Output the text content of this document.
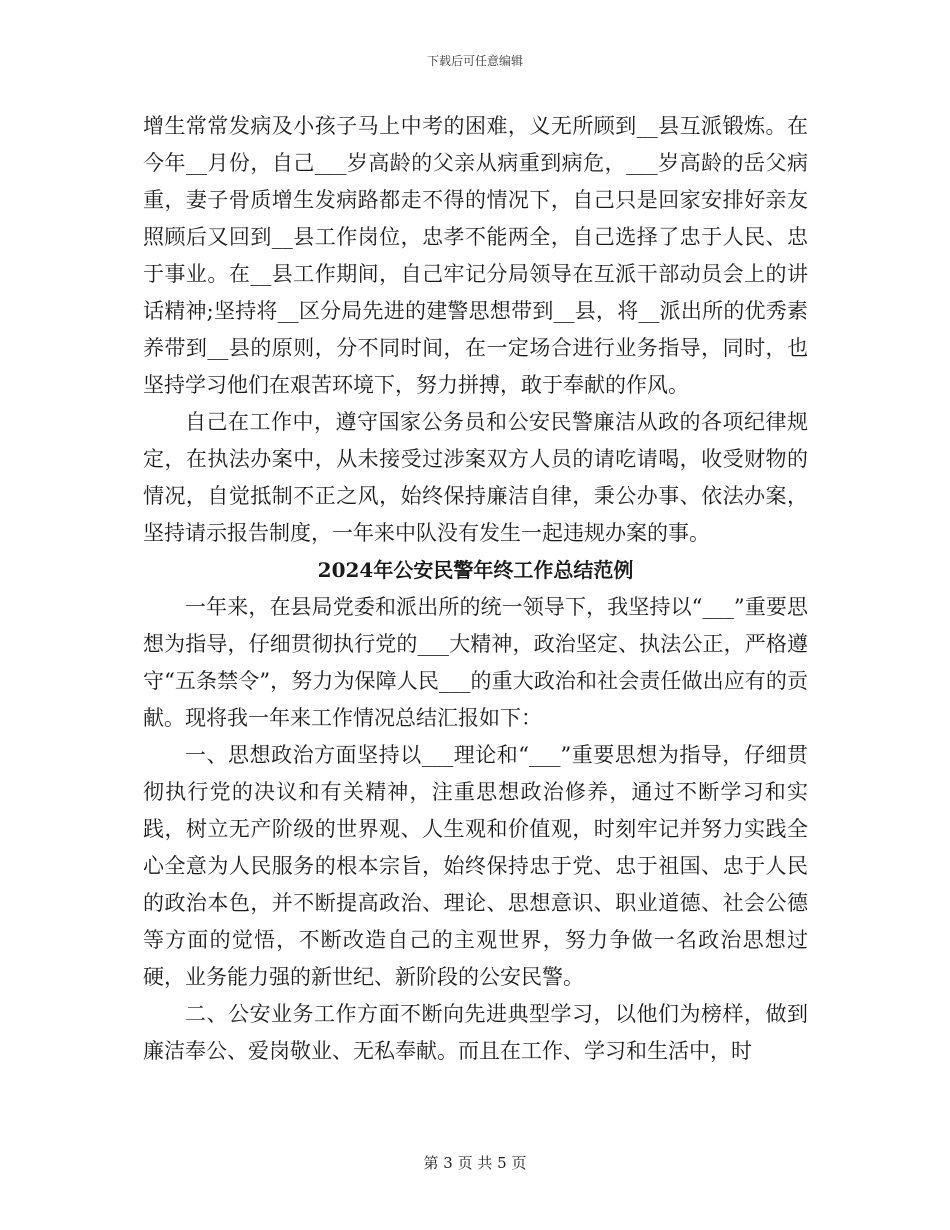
下载后可任意编辑

增生常常发病及小孩子马上中考的困难，义无所顾到__县互派锻炼。在今年__月份，自己___岁高龄的父亲从病重到病危，___岁高龄的岳父病重，妻子骨质增生发病路都走不得的情况下，自己只是回家安排好亲友照顾后又回到__县工作岗位，忠孝不能两全，自己选择了忠于人民、忠于事业。在__县工作期间，自己牢记分局领导在互派干部动员会上的讲话精神;坚持将__区分局先进的建警思想带到__县，将__派出所的优秀素养带到__县的原则，分不同时间，在一定场合进行业务指导，同时，也坚持学习他们在艰苦环境下，努力拼搏，敢于奉献的作风。

自己在工作中，遵守国家公务员和公安民警廉洁从政的各项纪律规定，在执法办案中，从未接受过涉案双方人员的请吃请喝，收受财物的情况，自觉抵制不正之风，始终保持廉洁自律，秉公办事、依法办案，坚持请示报告制度，一年来中队没有发生一起违规办案的事。

2024年公安民警年终工作总结范例

一年来，在县局党委和派出所的统一领导下，我坚持以“___”重要思想为指导，仔细贯彻执行党的___大精神，政治坚定、执法公正，严格遵守“五条禁令”，努力为保障人民___的重大政治和社会责任做出应有的贡献。现将我一年来工作情况总结汇报如下：

一、思想政治方面坚持以___理论和“___”重要思想为指导，仔细贯彻执行党的决议和有关精神，注重思想政治修养，通过不断学习和实践，树立无产阶级的世界观、人生观和价值观，时刻牢记并努力实践全心全意为人民服务的根本宗旨，始终保持忠于党、忠于祖国、忠于人民的政治本色，并不断提高政治、理论、思想意识、职业道德、社会公德等方面的觉悟，不断改造自己的主观世界，努力争做一名政治思想过硬，业务能力强的新世纪、新阶段的公安民警。

二、公安业务工作方面不断向先进典型学习，以他们为榜样，做到廉洁奉公、爱岗敬业、无私奉献。而且在工作、学习和生活中，时

第 3 页 共 5 页
